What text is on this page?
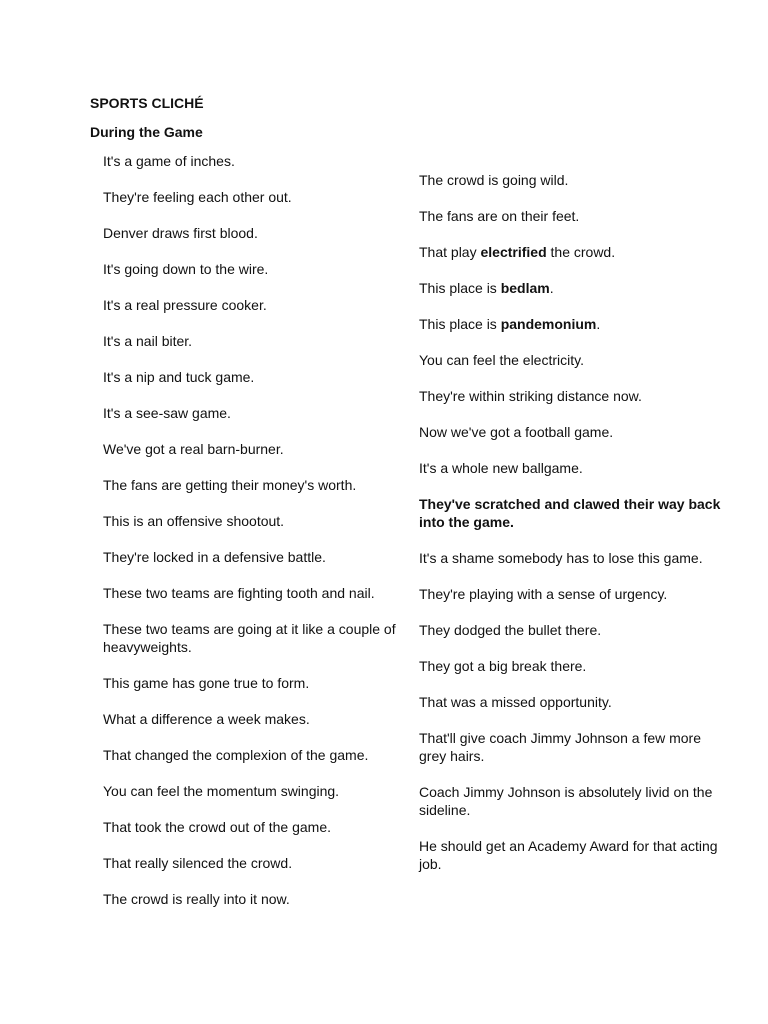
SPORTS CLICHÉ
During the Game
It's a game of inches.
They're feeling each other out.
Denver draws first blood.
It's going down to the wire.
It's a real pressure cooker.
It's a nail biter.
It's a nip and tuck game.
It's a see-saw game.
We've got a real barn-burner.
The fans are getting their money's worth.
This is an offensive shootout.
They're locked in a defensive battle.
These two teams are fighting tooth and nail.
These two teams are going at it like a couple of heavyweights.
This game has gone true to form.
What a difference a week makes.
That changed the complexion of the game.
You can feel the momentum swinging.
That took the crowd out of the game.
That really silenced the crowd.
The crowd is really into it now.
The crowd is going wild.
The fans are on their feet.
That play electrified the crowd.
This place is bedlam.
This place is pandemonium.
You can feel the electricity.
They're within striking distance now.
Now we've got a football game.
It's a whole new ballgame.
They've scratched and clawed their way back into the game.
It's a shame somebody has to lose this game.
They're playing with a sense of urgency.
They dodged the bullet there.
They got a big break there.
That was a missed opportunity.
That'll give coach Jimmy Johnson a few more grey hairs.
Coach Jimmy Johnson is absolutely livid on the sideline.
He should get an Academy Award for that acting job.
